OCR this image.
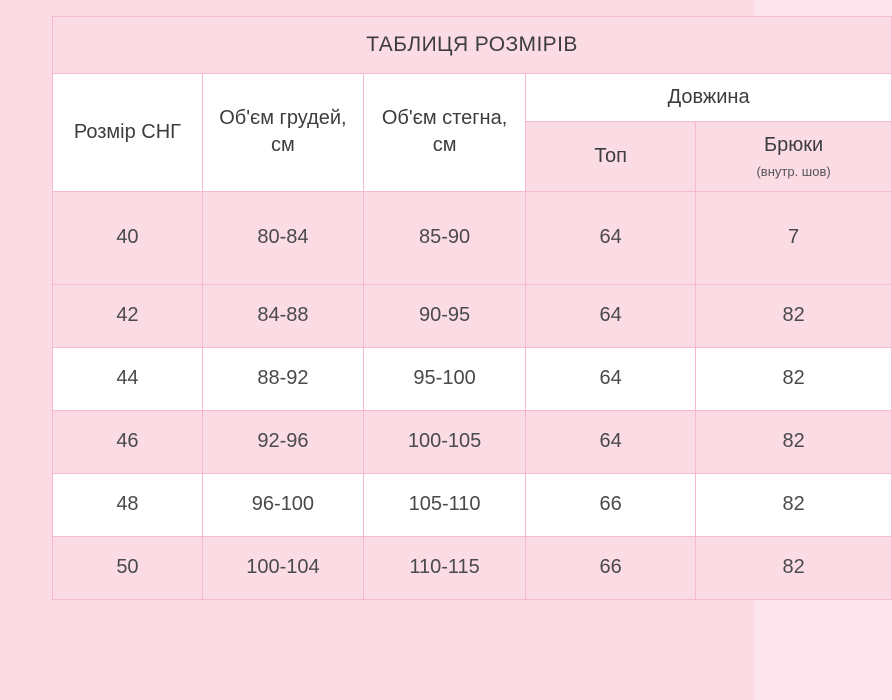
ТАБЛИЦЯ РОЗМІРІВ				
Розмір СНГ	Об'єм грудей, см	Об'єм стегна, см	Довжина	
			Топ	Брюки
(внутр. шов)

40	80-84	85-90	64	7
42	84-88	90-95	64	82
44	88-92	95-100	64	82
46	92-96	100-105	64	82
48	96-100	105-110	66	82
50	100-104	110-115	66	82
